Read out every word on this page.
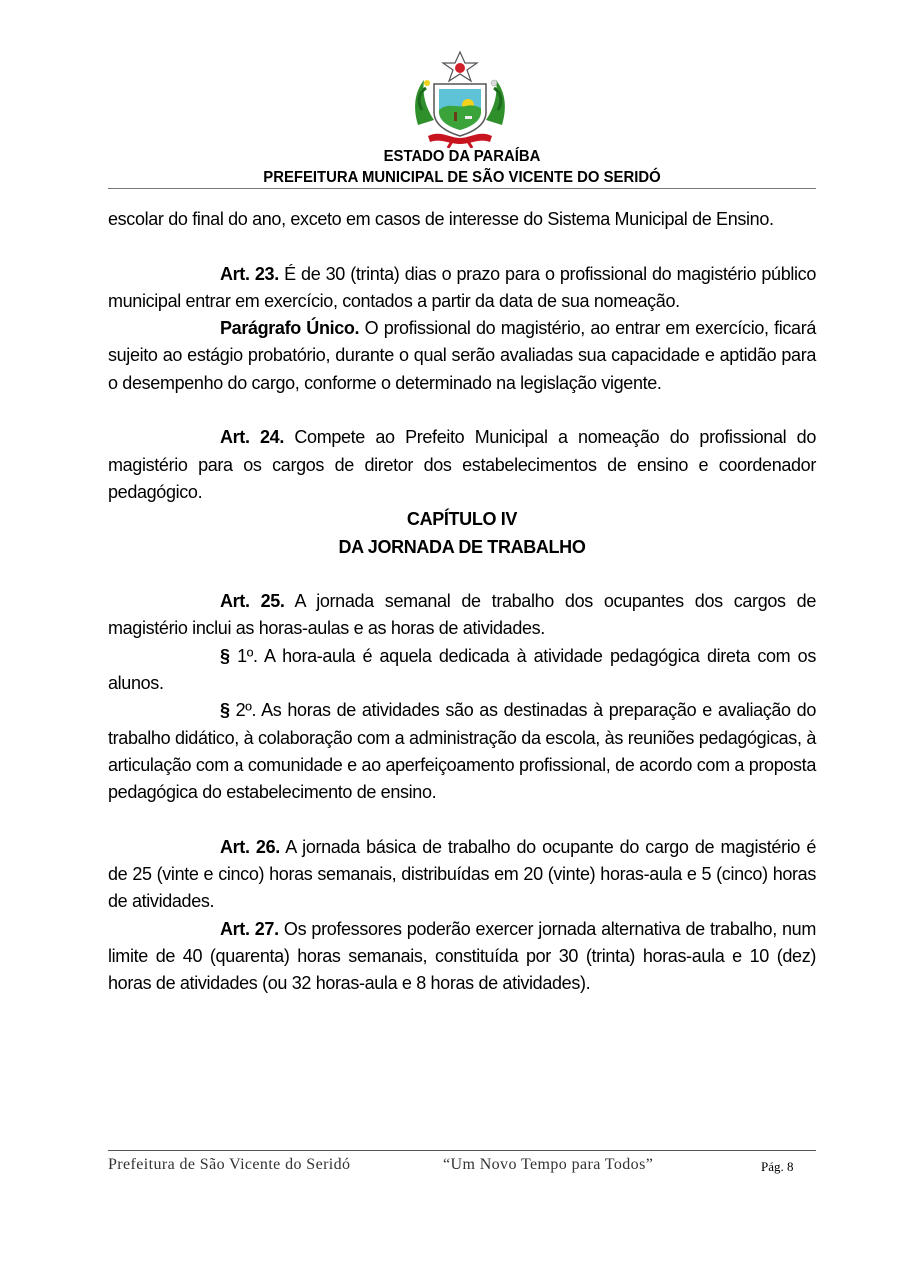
ESTADO DA PARAÍBA
PREFEITURA MUNICIPAL DE SÃO VICENTE DO SERIDÓ

escolar do final do ano, exceto em casos de interesse do Sistema Municipal de Ensino.

Art. 23. É de 30 (trinta) dias o prazo para o profissional do magistério público municipal entrar em exercício, contados a partir da data de sua nomeação.

Parágrafo Único. O profissional do magistério, ao entrar em exercício, ficará sujeito ao estágio probatório, durante o qual serão avaliadas sua capacidade e aptidão para o desempenho do cargo, conforme o determinado na legislação vigente.

Art. 24. Compete ao Prefeito Municipal a nomeação do profissional do magistério para os cargos de diretor dos estabelecimentos de ensino e coordenador pedagógico.

CAPÍTULO IV

DA JORNADA DE TRABALHO

Art. 25. A jornada semanal de trabalho dos ocupantes dos cargos de magistério inclui as horas-aulas e as horas de atividades.

§ 1º. A hora-aula é aquela dedicada à atividade pedagógica direta com os alunos.

§ 2º. As horas de atividades são as destinadas à preparação e avaliação do trabalho didático, à colaboração com a administração da escola, às reuniões pedagógicas, à articulação com a comunidade e ao aperfeiçoamento profissional, de acordo com a proposta pedagógica do estabelecimento de ensino.

Art. 26. A jornada básica de trabalho do ocupante do cargo de magistério é de 25 (vinte e cinco) horas semanais, distribuídas em 20 (vinte) horas-aula e 5 (cinco) horas de atividades.

Art. 27. Os professores poderão exercer jornada alternativa de trabalho, num limite de 40 (quarenta) horas semanais, constituída por 30 (trinta) horas-aula e 10 (dez) horas de atividades (ou 32 horas-aula e 8 horas de atividades).

Prefeitura de São Vicente do Seridó	“Um Novo Tempo para Todos”	Pág. 8
